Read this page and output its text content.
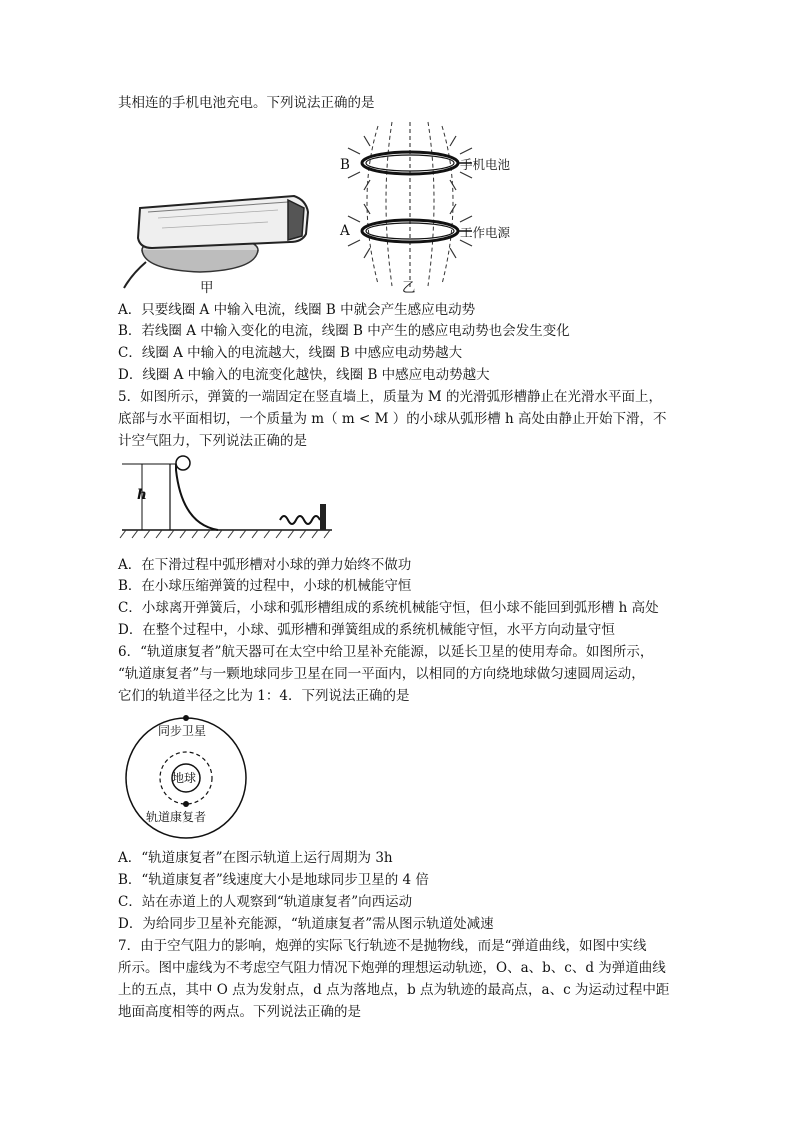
其相连的手机电池充电。下列说法正确的是
甲
B
A
手机电池
工作电源
乙
A．只要线圈 A 中输入电流，线圈 B 中就会产生感应电动势
B．若线圈 A 中输入变化的电流，线圈 B 中产生的感应电动势也会发生变化
C．线圈 A 中输入的电流越大，线圈 B 中感应电动势越大
D．线圈 A 中输入的电流变化越快，线圈 B 中感应电动势越大
5．如图所示，弹簧的一端固定在竖直墙上，质量为 M 的光滑弧形槽静止在光滑水平面上，
底部与水平面相切，一个质量为 m（ m < M ）的小球从弧形槽 h 高处由静止开始下滑，不
计空气阻力，下列说法正确的是
h
A．在下滑过程中弧形槽对小球的弹力始终不做功
B．在小球压缩弹簧的过程中，小球的机械能守恒
C．小球离开弹簧后，小球和弧形槽组成的系统机械能守恒，但小球不能回到弧形槽 h 高处
D．在整个过程中，小球、弧形槽和弹簧组成的系统机械能守恒，水平方向动量守恒
6．“轨道康复者”航天器可在太空中给卫星补充能源，以延长卫星的使用寿命。如图所示，
“轨道康复者”与一颗地球同步卫星在同一平面内，以相同的方向绕地球做匀速圆周运动，
它们的轨道半径之比为 1：4．下列说法正确的是
同步卫星
地球
轨道康复者
A．“轨道康复者”在图示轨道上运行周期为 3h
B．“轨道康复者”线速度大小是地球同步卫星的 4 倍
C．站在赤道上的人观察到“轨道康复者”向西运动
D．为给同步卫星补充能源，“轨道康复者”需从图示轨道处减速
7．由于空气阻力的影响，炮弹的实际飞行轨迹不是抛物线，而是“弹道曲线，如图中实线
所示。图中虚线为不考虑空气阻力情况下炮弹的理想运动轨迹，O、a、b、c、d 为弹道曲线
上的五点，其中 O 点为发射点，d 点为落地点，b 点为轨迹的最高点，a、c 为运动过程中距
地面高度相等的两点。下列说法正确的是
